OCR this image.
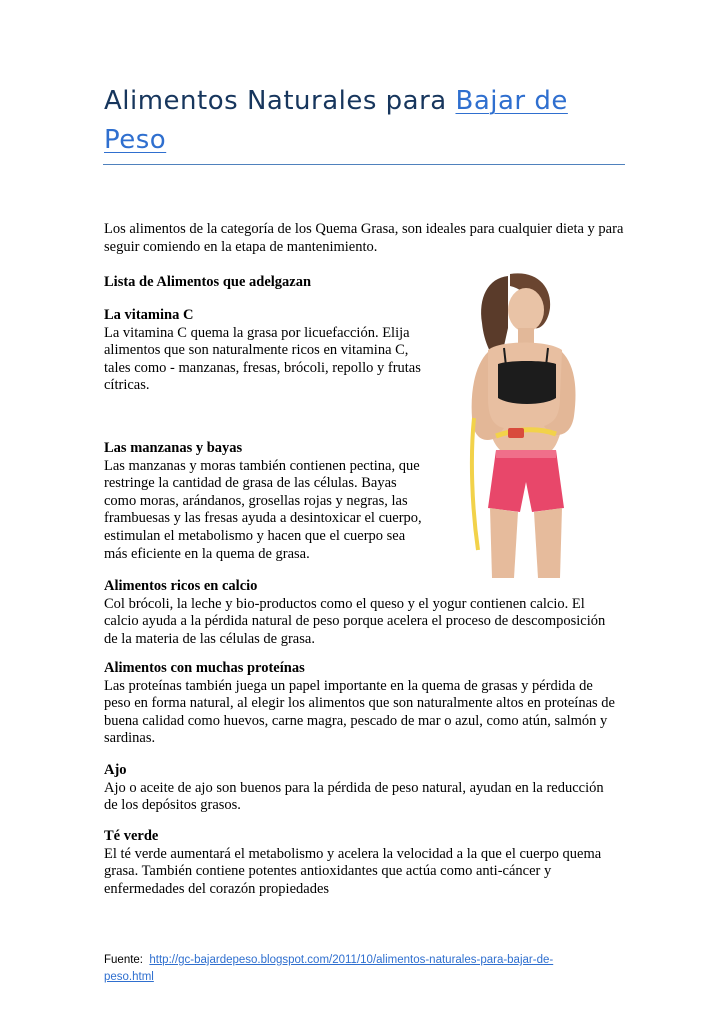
Alimentos Naturales para Bajar de
Peso

Los alimentos de la categoría de los Quema Grasa, son ideales para cualquier dieta y para seguir comiendo en la etapa de mantenimiento.

Lista de Alimentos que adelgazan

La vitamina C
La vitamina C quema la grasa por licuefacción. Elija
alimentos que son naturalmente ricos en vitamina C,
tales como - manzanas, fresas, brócoli, repollo y frutas
cítricas.
Las manzanas y bayas
Las manzanas y moras también contienen pectina, que
restringe la cantidad de grasa de las células. Bayas
como moras, arándanos, grosellas rojas y negras, las
frambuesas y las fresas ayuda a desintoxicar el cuerpo,
estimulan el metabolismo y hacen que el cuerpo sea
más eficiente en la quema de grasa.
Alimentos ricos en calcio
Col brócoli, la leche y bio-productos como el queso y el yogur contienen calcio. El
calcio ayuda a la pérdida natural de peso porque acelera el proceso de descomposición
de la materia de las células de grasa.
Alimentos con muchas proteínas
Las proteínas también juega un papel importante en la quema de grasas y pérdida de
peso en forma natural, al elegir los alimentos que son naturalmente altos en proteínas de
buena calidad como huevos, carne magra, pescado de mar o azul, como atún, salmón y
sardinas.
Ajo
Ajo o aceite de ajo son buenos para la pérdida de peso natural, ayudan en la reducción
de los depósitos grasos.
Té verde
El té verde aumentará el metabolismo y acelera la velocidad a la que el cuerpo quema
grasa. También contiene potentes antioxidantes que actúa como anti-cáncer y
enfermedades del corazón propiedades
Fuente: http://gc-bajardepeso.blogspot.com/2011/10/alimentos-naturales-para-bajar-de-
peso.html
